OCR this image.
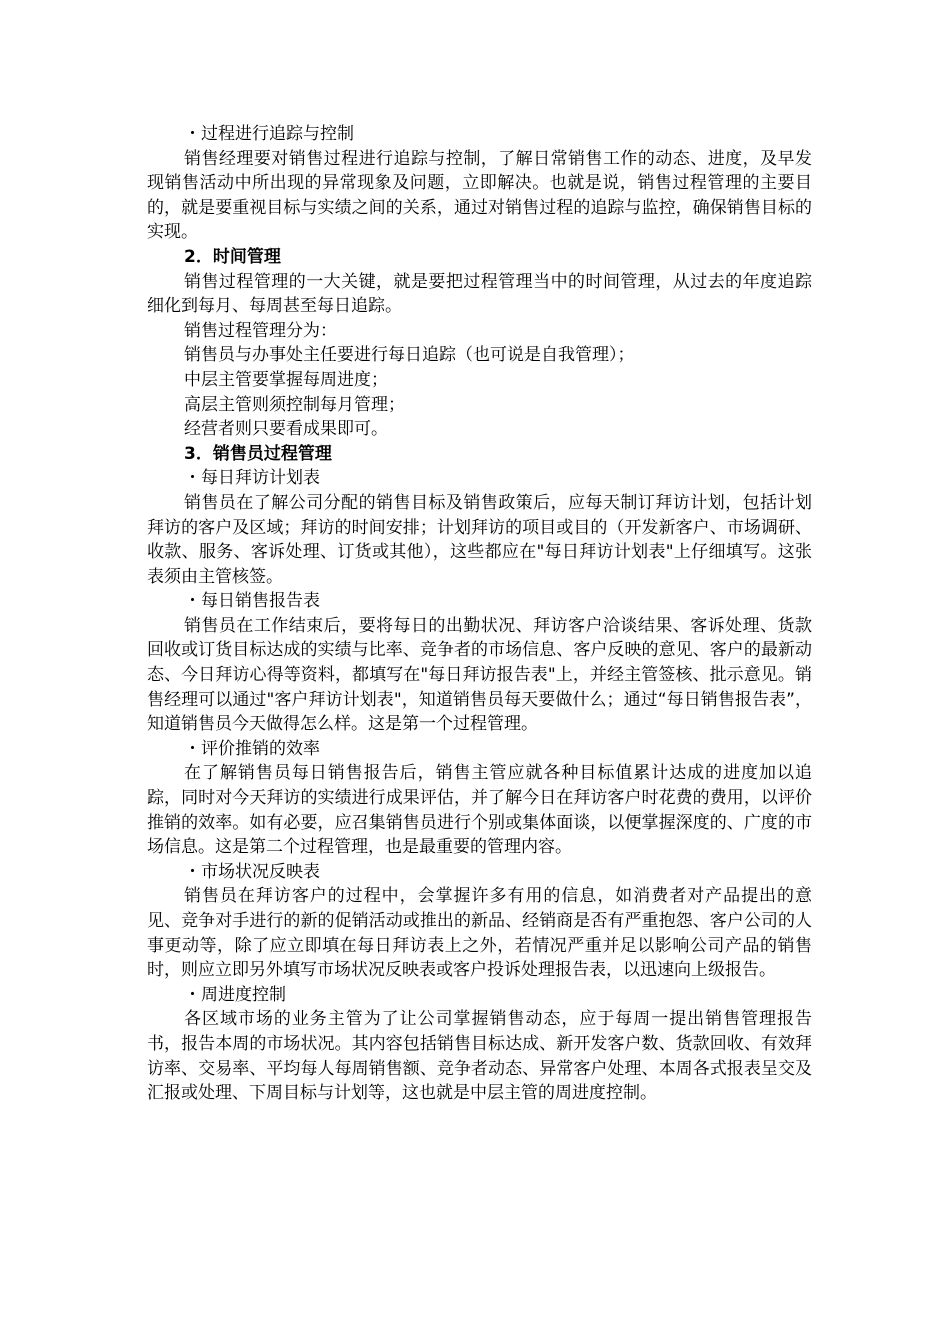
・过程进行追踪与控制

销售经理要对销售过程进行追踪与控制，了解日常销售工作的动态、进度，及早发现销售活动中所出现的异常现象及问题，立即解决。也就是说，销售过程管理的主要目的，就是要重视目标与实绩之间的关系，通过对销售过程的追踪与监控，确保销售目标的实现。

2．时间管理

销售过程管理的一大关键，就是要把过程管理当中的时间管理，从过去的年度追踪细化到每月、每周甚至每日追踪。

销售过程管理分为：

销售员与办事处主任要进行每日追踪（也可说是自我管理）；

中层主管要掌握每周进度；

高层主管则须控制每月管理；

经营者则只要看成果即可。

3．销售员过程管理

・每日拜访计划表

销售员在了解公司分配的销售目标及销售政策后，应每天制订拜访计划，包括计划拜访的客户及区域；拜访的时间安排；计划拜访的项目或目的（开发新客户、市场调研、收款、服务、客诉处理、订货或其他），这些都应在"每日拜访计划表"上仔细填写。这张表须由主管核签。

・每日销售报告表

销售员在工作结束后，要将每日的出勤状况、拜访客户洽谈结果、客诉处理、货款回收或订货目标达成的实绩与比率、竞争者的市场信息、客户反映的意见、客户的最新动态、今日拜访心得等资料，都填写在"每日拜访报告表"上，并经主管签核、批示意见。销售经理可以通过"客户拜访计划表"，知道销售员每天要做什么；通过“每日销售报告表”，知道销售员今天做得怎么样。这是第一个过程管理。

・评价推销的效率

在了解销售员每日销售报告后，销售主管应就各种目标值累计达成的进度加以追踪，同时对今天拜访的实绩进行成果评估，并了解今日在拜访客户时花费的费用，以评价推销的效率。如有必要，应召集销售员进行个别或集体面谈，以便掌握深度的、广度的市场信息。这是第二个过程管理，也是最重要的管理内容。

・市场状况反映表

销售员在拜访客户的过程中，会掌握许多有用的信息，如消费者对产品提出的意见、竞争对手进行的新的促销活动或推出的新品、经销商是否有严重抱怨、客户公司的人事更动等，除了应立即填在每日拜访表上之外，若情况严重并足以影响公司产品的销售时，则应立即另外填写市场状况反映表或客户投诉处理报告表，以迅速向上级报告。

・周进度控制

各区域市场的业务主管为了让公司掌握销售动态，应于每周一提出销售管理报告书，报告本周的市场状况。其内容包括销售目标达成、新开发客户数、货款回收、有效拜访率、交易率、平均每人每周销售额、竞争者动态、异常客户处理、本周各式报表呈交及汇报或处理、下周目标与计划等，这也就是中层主管的周进度控制。
